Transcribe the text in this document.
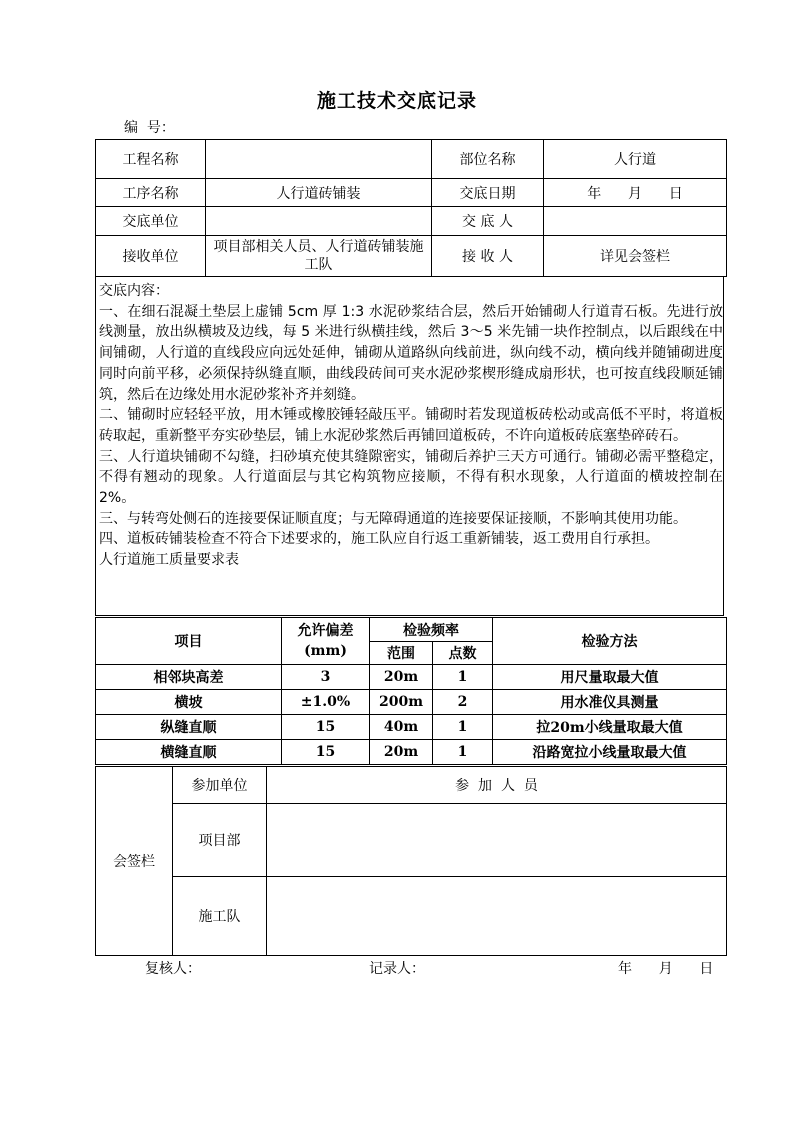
施工技术交底记录
编  号：
工程名称		部位名称	人行道
工序名称	人行道砖铺装	交底日期	年      月      日
交底单位		交 底 人	
接收单位	项目部相关人员、人行道砖铺装施工队	接 收 人	详见会签栏

交底内容：

一、在细石混凝土垫层上虚铺 5cm 厚 1:3 水泥砂浆结合层，然后开始铺砌人行道青石板。先进行放线测量，放出纵横坡及边线，每 5 米进行纵横挂线，然后 3～5 米先铺一块作控制点，以后跟线在中间铺砌，人行道的直线段应向远处延伸，铺砌从道路纵向线前进，纵向线不动，横向线并随铺砌进度同时向前平移，必须保持纵缝直顺，曲线段砖间可夹水泥砂浆楔形缝成扇形状，也可按直线段顺延铺筑，然后在边缘处用水泥砂浆补齐并刻缝。

二、铺砌时应轻轻平放，用木锤或橡胶锤轻敲压平。铺砌时若发现道板砖松动或高低不平时，将道板砖取起，重新整平夯实砂垫层，铺上水泥砂浆然后再铺回道板砖，不许向道板砖底塞垫碎砖石。

三、人行道块铺砌不勾缝，扫砂填充使其缝隙密实，铺砌后养护三天方可通行。铺砌必需平整稳定，不得有翘动的现象。人行道面层与其它构筑物应接顺，不得有积水现象，人行道面的横坡控制在 2%。

三、与转弯处侧石的连接要保证顺直度；与无障碍通道的连接要保证接顺，不影响其使用功能。

四、道板砖铺装检查不符合下述要求的，施工队应自行返工重新铺装，返工费用自行承担。

人行道施工质量要求表

项目	允许偏差
(mm)	检验频率		检验方法
		范围	点数	
相邻块高差	3	20m	1	用尺量取最大值
横坡	±1.0%	200m	2	用水准仪具测量
纵缝直顺	15	40m	1	拉20m小线量取最大值
横缝直顺	15	20m	1	沿路宽拉小线量取最大值
会签栏	参加单位	参  加  人  员
	项目部	
	施工队	
复核人：	记录人：	年      月      日
